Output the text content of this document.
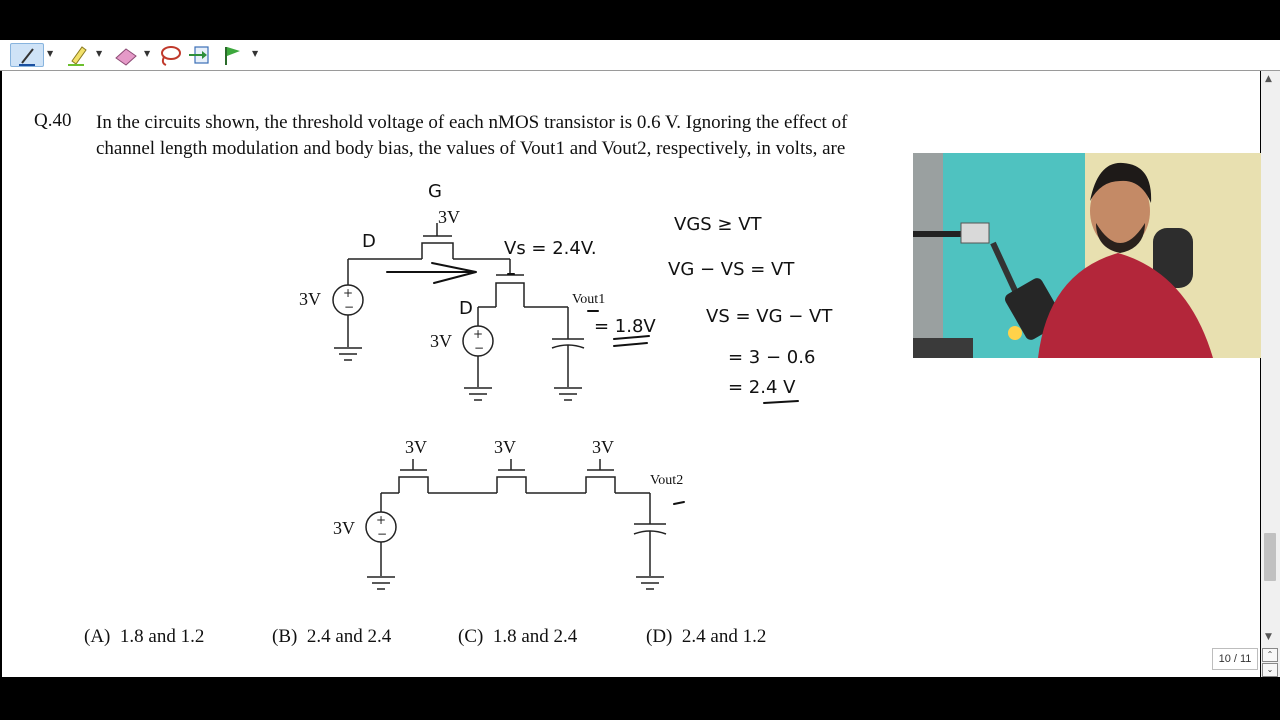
▼	▼	▼	▼
Q.40 In the circuits shown, the threshold voltage of each nMOS transistor is 0.6 V. Ignoring the effect of channel length modulation and body bias, the values of Vout1 and Vout2, respectively, in volts, are
+
−
+
−
+
−
3V
3V
3V
Vout1
3V	3V	3V
3V
Vout2
G
D
D
Vs = 2.4V.
= 1.8V
VGS ≥ VT
VG − VS = VT
VS = VG − VT
= 3 − 0.6
= 2.4 V
(A) 1.8 and 1.2	(B) 2.4 and 2.4	(C) 1.8 and 2.4	(D) 2.4 and 1.2
▲
▼
10 / 11	⌃
⌄
